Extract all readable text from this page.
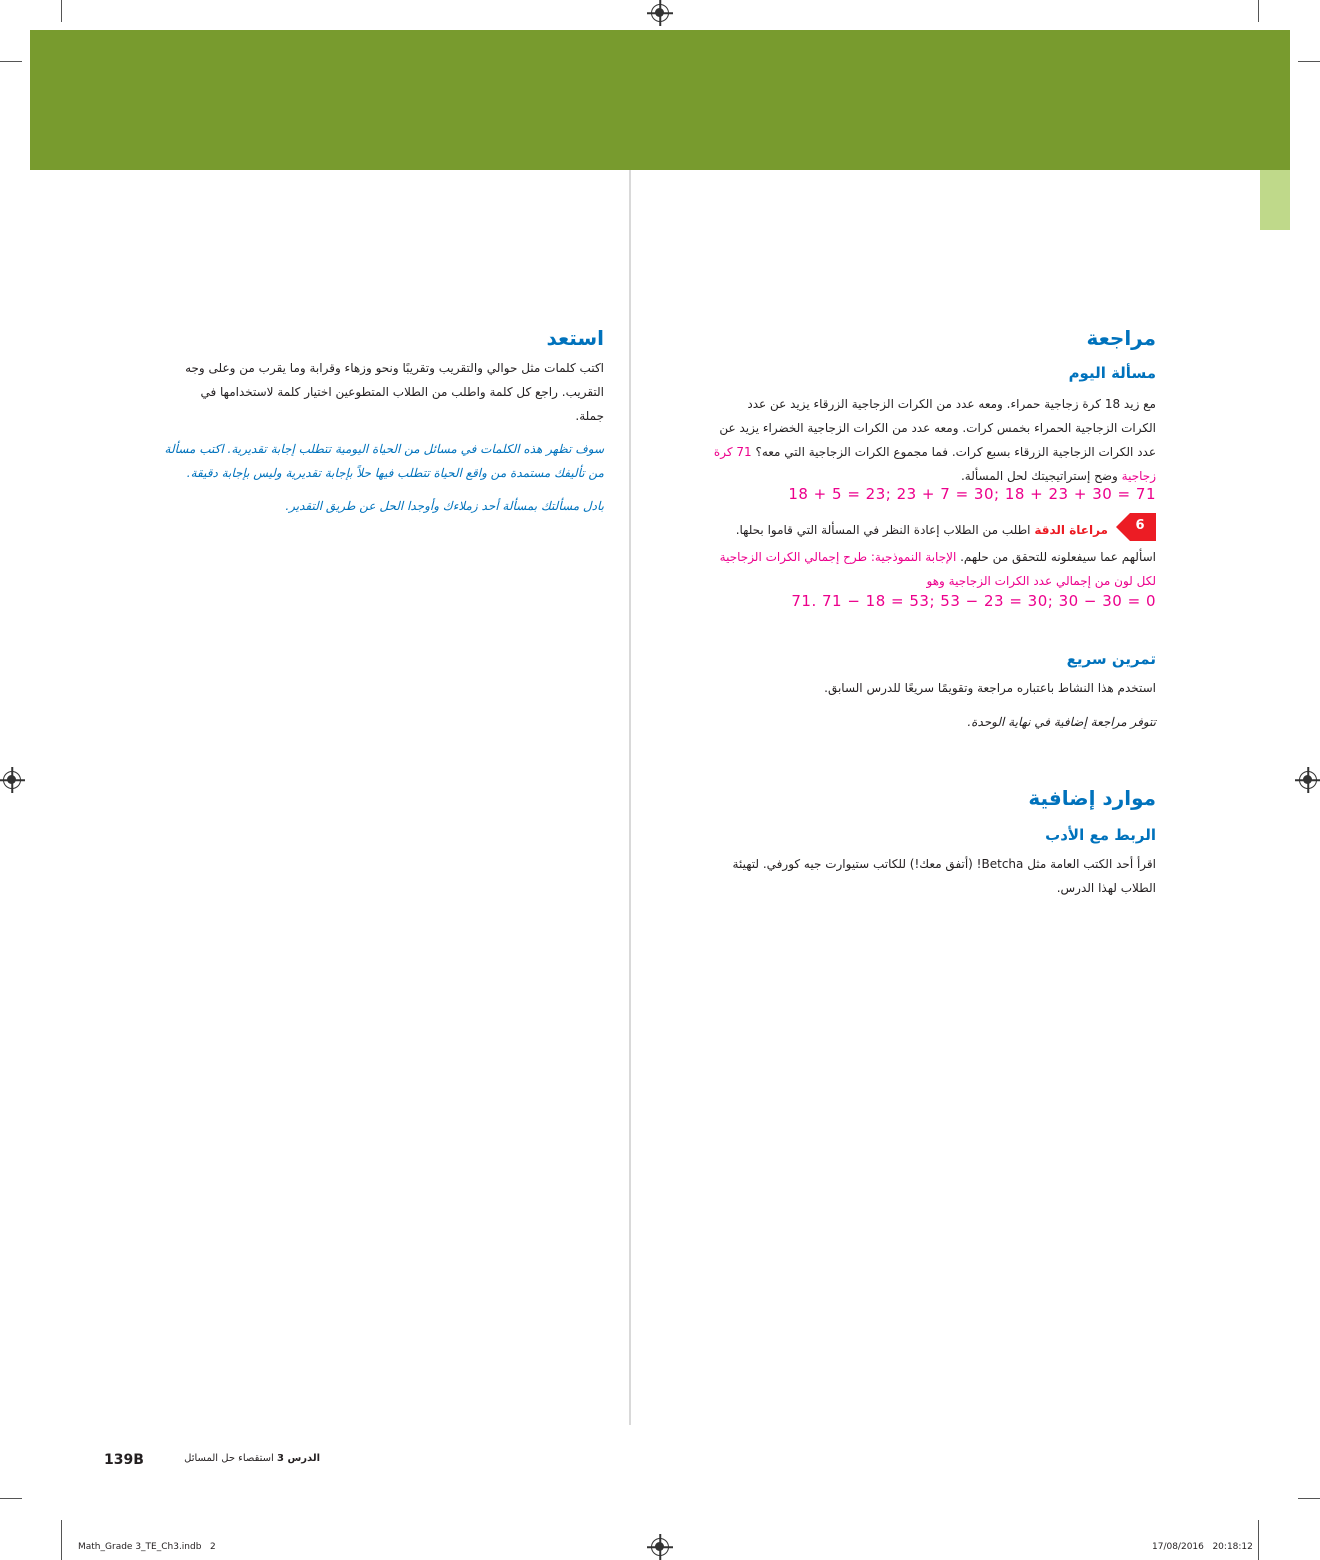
مراجعة
مسألة اليوم
مع زيد 18 كرة زجاجية حمراء. ومعه عدد من الكرات الزجاجية الزرقاء يزيد عن عدد
الكرات الزجاجية الحمراء بخمس كرات. ومعه عدد من الكرات الزجاجية الخضراء يزيد عن
عدد الكرات الزجاجية الزرقاء بسبع كرات. فما مجموع الكرات الزجاجية التي معه؟ 71 كرة
زجاجية وضح إستراتيجيتك لحل المسألة.
18 + 5 = 23; 23 + 7 = 30; 18 + 23 + 30 = 71
6
مراعاة الدقة اطلب من الطلاب إعادة النظر في المسألة التي قاموا بحلها.
اسألهم عما سيفعلونه للتحقق من حلهم. الإجابة النموذجية: طرح إجمالي الكرات الزجاجية
لكل لون من إجمالي عدد الكرات الزجاجية وهو
71. 71 − 18 = 53; 53 − 23 = 30; 30 − 30 = 0
تمرين سريع
استخدم هذا النشاط باعتباره مراجعة وتقويمًا سريعًا للدرس السابق.
تتوفر مراجعة إضافية في نهاية الوحدة.
موارد إضافية
الربط مع الأدب
اقرأ أحد الكتب العامة مثل Betcha! (أتفق معك!) للكاتب ستيوارت جيه كورفي. لتهيئة
الطلاب لهذا الدرس.
استعد
اكتب كلمات مثل حوالي والتقريب وتقريبًا ونحو وزهاء وقرابة وما يقرب من وعلى وجه
التقريب. راجع كل كلمة واطلب من الطلاب المتطوعين اختيار كلمة لاستخدامها في
جملة.
سوف تظهر هذه الكلمات في مسائل من الحياة اليومية تتطلب إجابة تقديرية. اكتب مسألة
من تأليفك مستمدة من واقع الحياة تتطلب فيها حلاً بإجابة تقديرية وليس بإجابة دقيقة.
بادل مسألتك بمسألة أحد زملاءك وأوجدا الحل عن طريق التقدير.
139B	الدرس 3 استقصاء حل المسائل
Math_Grade 3_TE_Ch3.indb   2	17/08/2016   20:18:12
